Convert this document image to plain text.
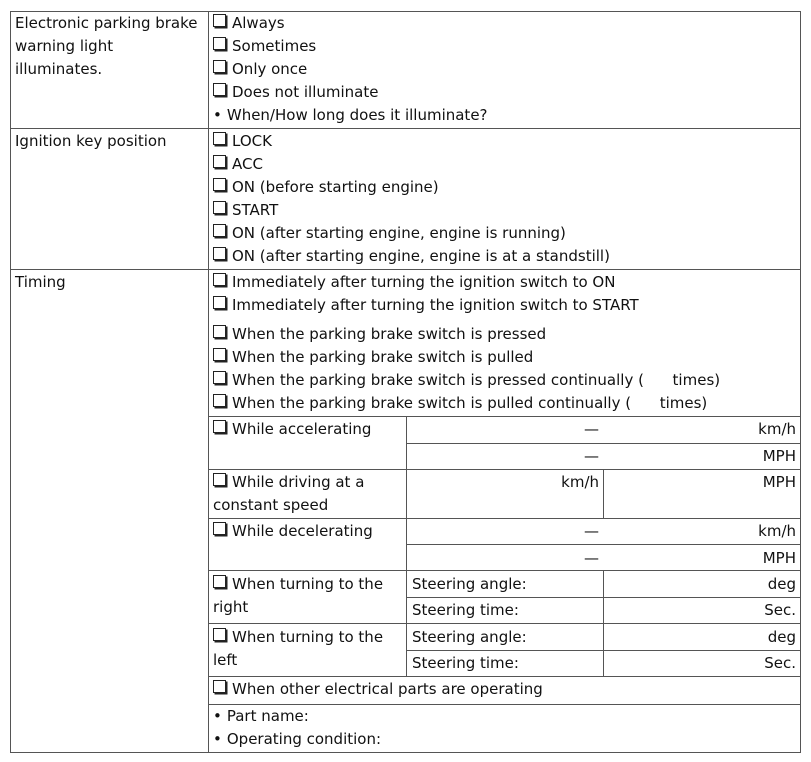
Electronic parking brake
warning light
illuminates.
Always
Sometimes
Only once
Does not illuminate
• When/How long does it illuminate?
Ignition key position	LOCK
ACC
ON (before starting engine)
START
ON (after starting engine, engine is running)
ON (after starting engine, engine is at a standstill)
Timing	Immediately after turning the ignition switch to ON
Immediately after turning the ignition switch to START
When the parking brake switch is pressed
When the parking brake switch is pulled
When the parking brake switch is pressed continually (      times)
When the parking brake switch is pulled continually (      times)
While accelerating	—	km/h
—	MPH
While driving at a
constant speed
km/h	MPH
While decelerating	—	km/h
—	MPH
When turning to the
right
Steering angle:	deg
Steering time:	Sec.
When turning to the
left
Steering angle:	deg
Steering time:	Sec.
When other electrical parts are operating
• Part name:
• Operating condition:
